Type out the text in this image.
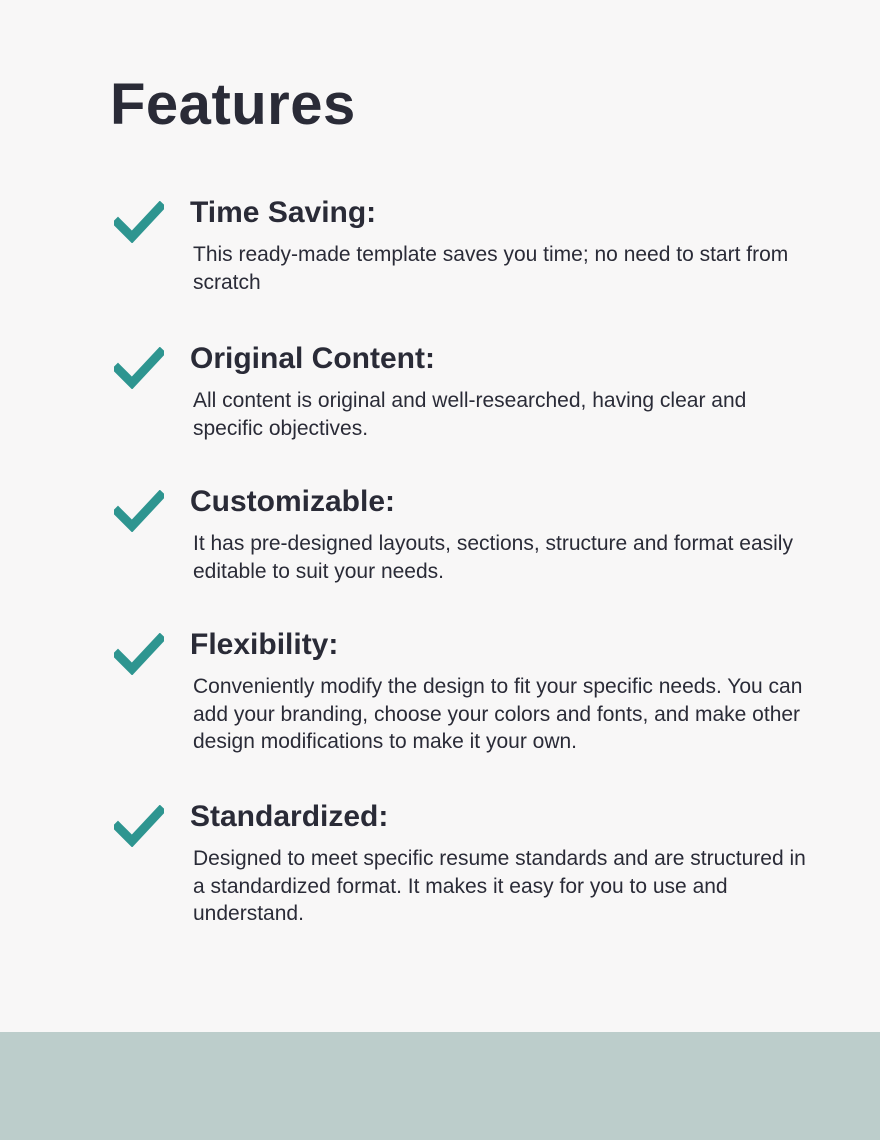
Features
Time Saving:

This ready-made template saves you time; no need to start from scratch

Original Content:

All content is original and well-researched, having clear and specific objectives.

Customizable:

It has pre-designed layouts, sections, structure and format easily editable to suit your needs.

Flexibility:

Conveniently modify the design to fit your specific needs. You can add your branding, choose your colors and fonts, and make other design modifications to make it your own.

Standardized:

Designed to meet specific resume standards and are structured in a standardized format. It makes it easy for you to use and understand.
